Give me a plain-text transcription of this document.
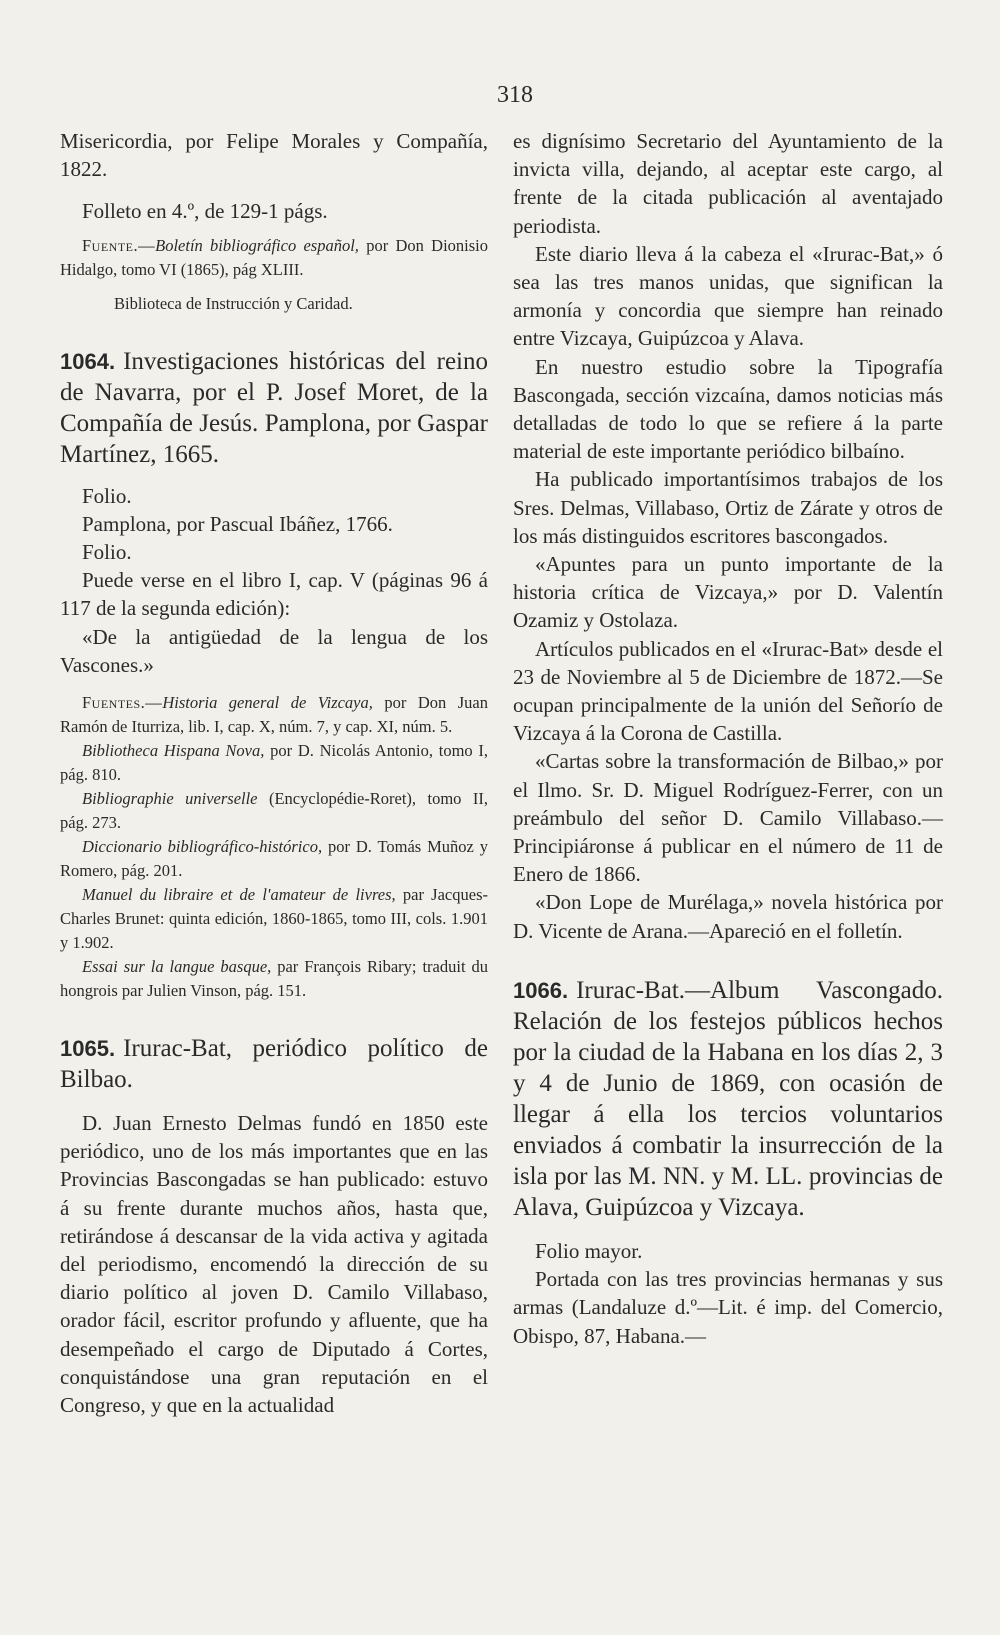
318

Misericordia, por Felipe Morales y Compañía, 1822.

Folleto en 4.º, de 129-1 págs.

Fuente.—Boletín bibliográfico español, por Don Dionisio Hidalgo, tomo VI (1865), pág XLIII.

Biblioteca de Instrucción y Caridad.

1064. Investigaciones históricas del reino de Navarra, por el P. Josef Moret, de la Compañía de Jesús. Pamplona, por Gaspar Martínez, 1665.

Folio.

Pamplona, por Pascual Ibáñez, 1766.

Folio.

Puede verse en el libro I, cap. V (páginas 96 á 117 de la segunda edición):

«De la antigüedad de la lengua de los Vascones.»

Fuentes.—Historia general de Vizcaya, por Don Juan Ramón de Iturriza, lib. I, cap. X, núm. 7, y cap. XI, núm. 5.

Bibliotheca Hispana Nova, por D. Nicolás Antonio, tomo I, pág. 810.

Bibliographie universelle (Encyclopédie-Roret), tomo II, pág. 273.

Diccionario bibliográfico-histórico, por D. Tomás Muñoz y Romero, pág. 201.

Manuel du libraire et de l'amateur de livres, par Jacques-Charles Brunet: quinta edición, 1860-1865, tomo III, cols. 1.901 y 1.902.

Essai sur la langue basque, par François Ribary; traduit du hongrois par Julien Vinson, pág. 151.

1065. Irurac-Bat, periódico político de Bilbao.

D. Juan Ernesto Delmas fundó en 1850 este periódico, uno de los más importantes que en las Provincias Bascongadas se han publicado: estuvo á su frente durante muchos años, hasta que, retirándose á descansar de la vida activa y agitada del periodismo, encomendó la dirección de su diario político al joven D. Camilo Villabaso, orador fácil, escritor profundo y afluente, que ha desempeñado el cargo de Diputado á Cortes, conquistándose una gran reputación en el Congreso, y que en la actualidad

es dignísimo Secretario del Ayuntamiento de la invicta villa, dejando, al aceptar este cargo, al frente de la citada publicación al aventajado periodista.

Este diario lleva á la cabeza el «Irurac-Bat,» ó sea las tres manos unidas, que significan la armonía y concordia que siempre han reinado entre Vizcaya, Guipúzcoa y Alava.

En nuestro estudio sobre la Tipografía Bascongada, sección vizcaína, damos noticias más detalladas de todo lo que se refiere á la parte material de este importante periódico bilbaíno.

Ha publicado importantísimos trabajos de los Sres. Delmas, Villabaso, Ortiz de Zárate y otros de los más distinguidos escritores bascongados.

«Apuntes para un punto importante de la historia crítica de Vizcaya,» por D. Valentín Ozamiz y Ostolaza.

Artículos publicados en el «Irurac-Bat» desde el 23 de Noviembre al 5 de Diciembre de 1872.—Se ocupan principalmente de la unión del Señorío de Vizcaya á la Corona de Castilla.

«Cartas sobre la transformación de Bilbao,» por el Ilmo. Sr. D. Miguel Rodríguez-Ferrer, con un preámbulo del señor D. Camilo Villabaso.—Principiáronse á publicar en el número de 11 de Enero de 1866.

«Don Lope de Murélaga,» novela histórica por D. Vicente de Arana.—Apareció en el folletín.

1066. Irurac-Bat.—Album Vascongado. Relación de los festejos públicos hechos por la ciudad de la Habana en los días 2, 3 y 4 de Junio de 1869, con ocasión de llegar á ella los tercios voluntarios enviados á combatir la insurrección de la isla por las M. NN. y M. LL. provincias de Alava, Guipúzcoa y Vizcaya.

Folio mayor.

Portada con las tres provincias hermanas y sus armas (Landaluze d.º—Lit. é imp. del Comercio, Obispo, 87, Habana.—
